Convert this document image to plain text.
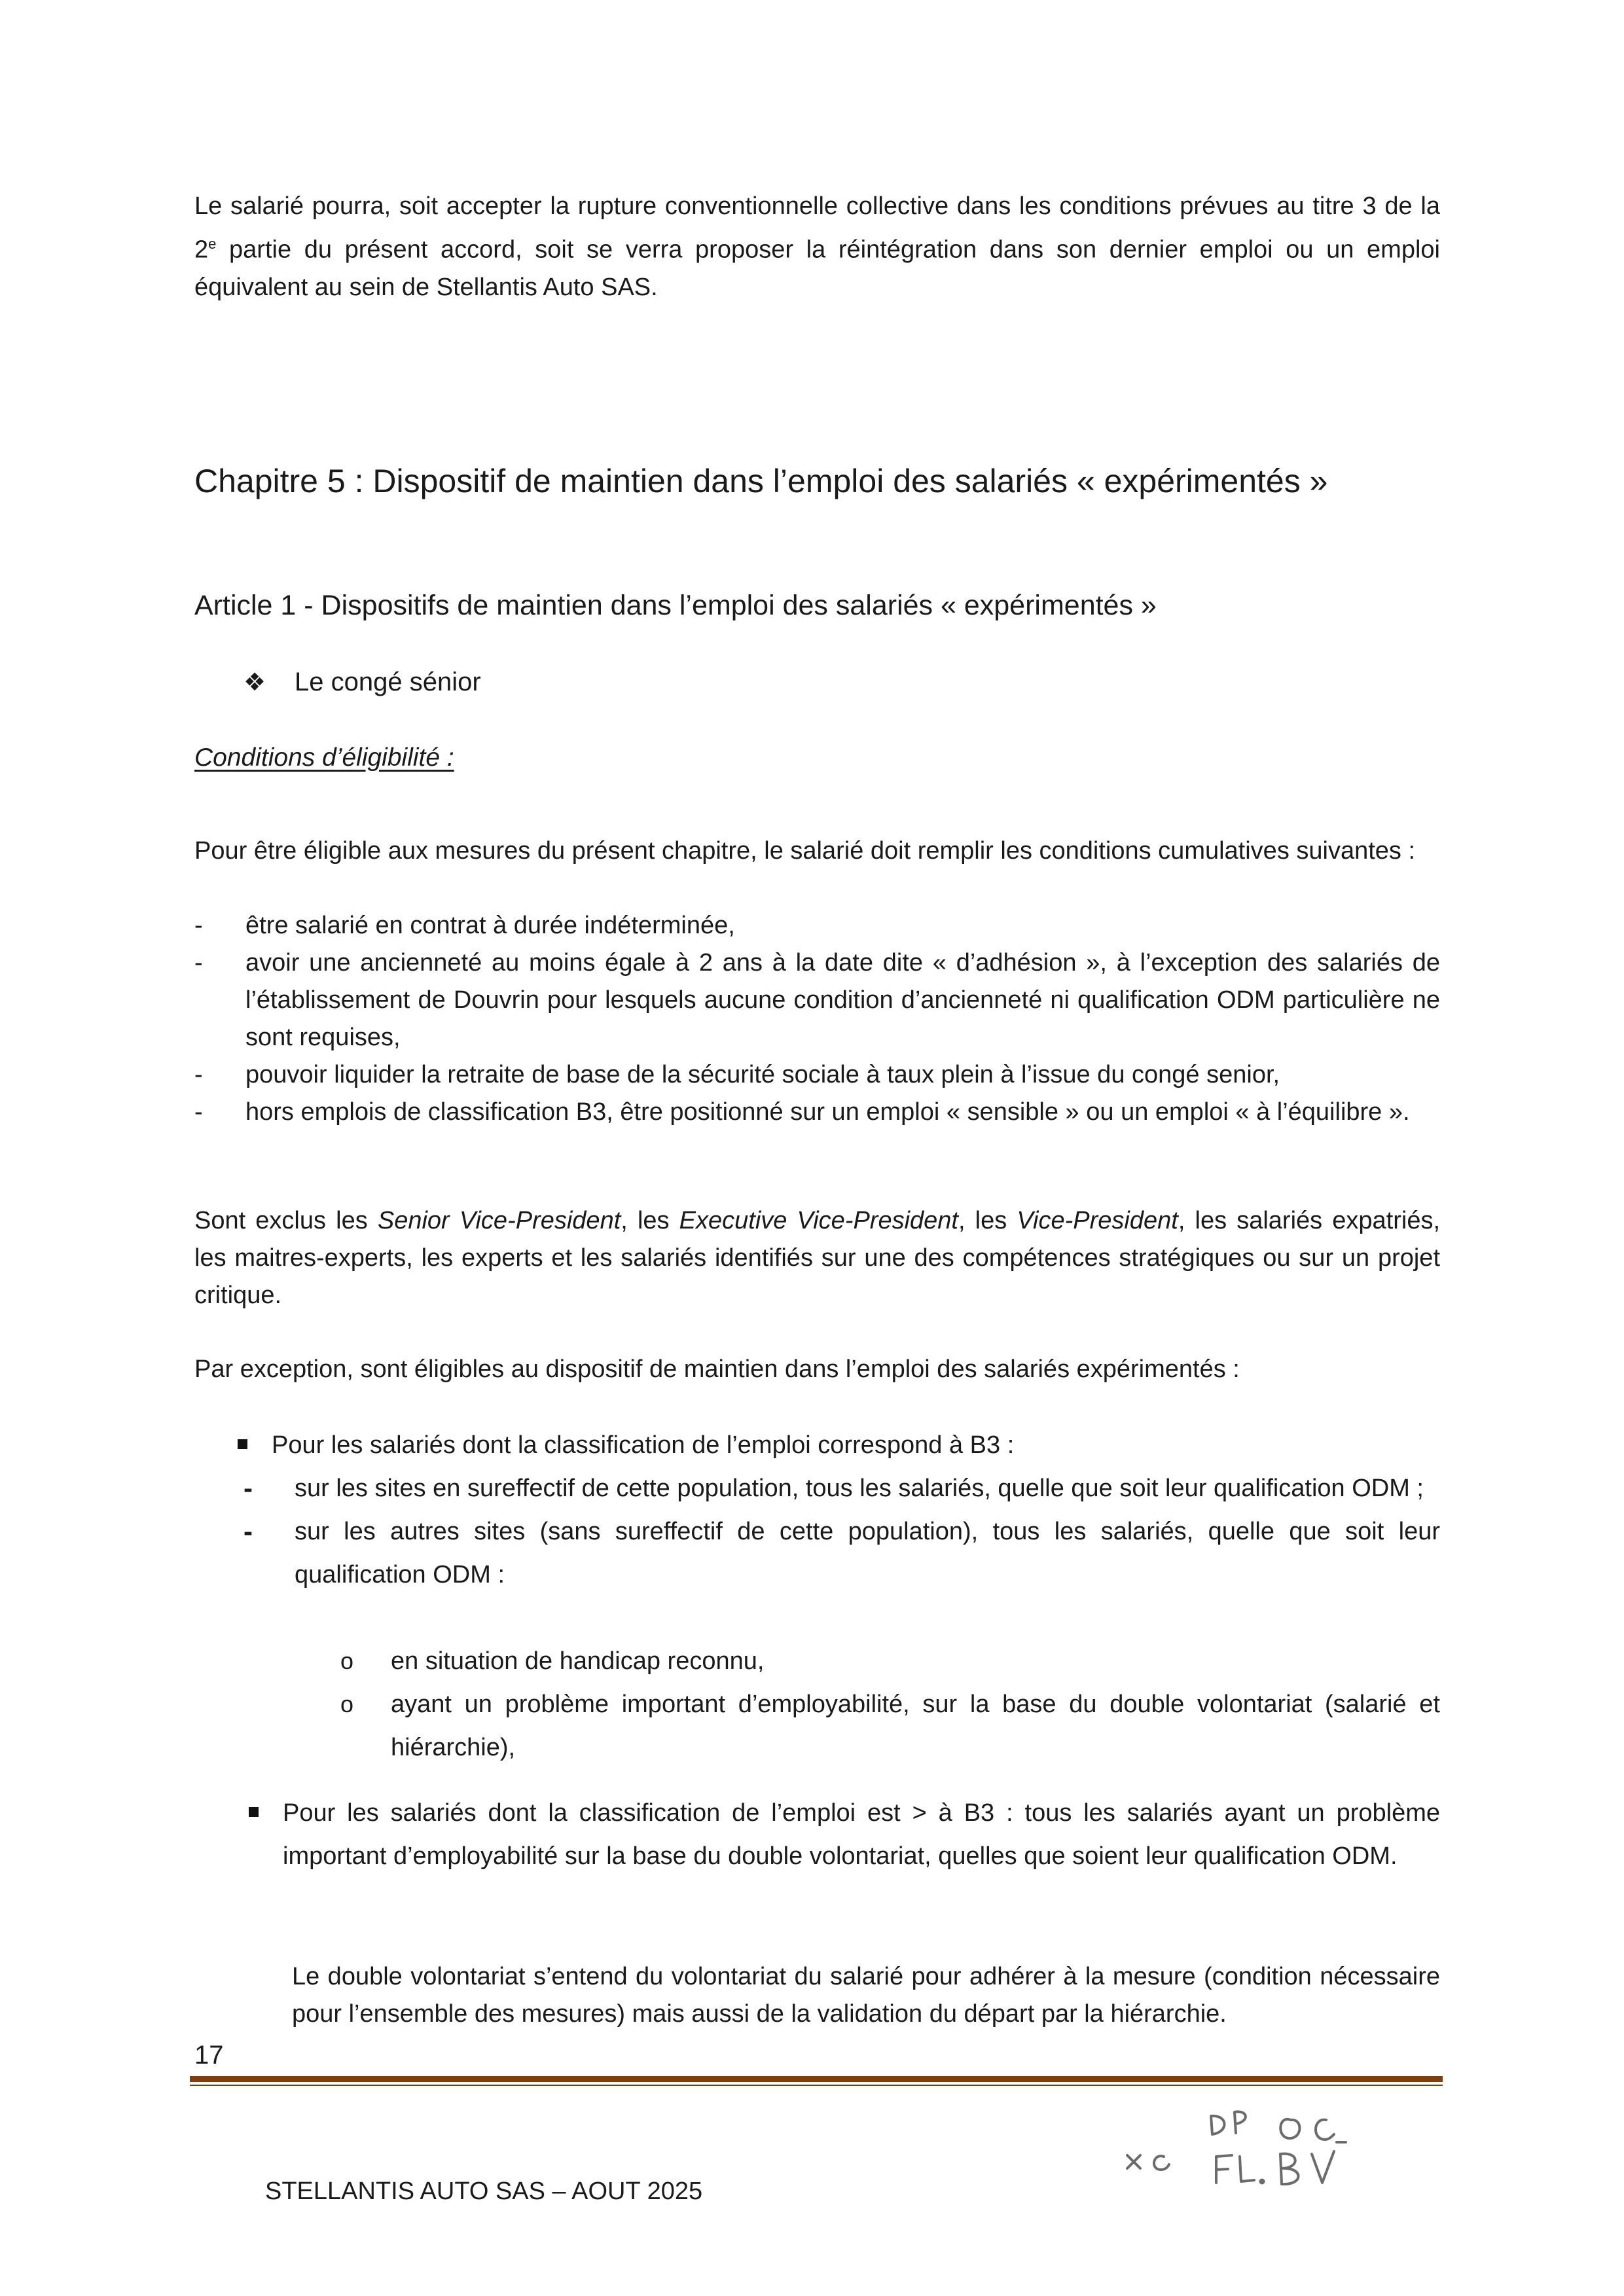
Le salarié pourra, soit accepter la rupture conventionnelle collective dans les conditions prévues au titre 3 de la 2e partie du présent accord, soit se verra proposer la réintégration dans son dernier emploi ou un emploi équivalent au sein de Stellantis Auto SAS.

Chapitre 5 : Dispositif de maintien dans l’emploi des salariés « expérimentés »
Article 1 - Dispositifs de maintien dans l’emploi des salariés « expérimentés »
❖ Le congé sénior
Conditions d’éligibilité :

Pour être éligible aux mesures du présent chapitre, le salarié doit remplir les conditions cumulatives suivantes :

- être salarié en contrat à durée indéterminée,
- avoir une ancienneté au moins égale à 2 ans à la date dite « d’adhésion », à l’exception des salariés de l’établissement de Douvrin pour lesquels aucune condition d’ancienneté ni qualification ODM particulière ne sont requises,
- pouvoir liquider la retraite de base de la sécurité sociale à taux plein à l’issue du congé senior,
- hors emplois de classification B3, être positionné sur un emploi « sensible » ou un emploi « à l’équilibre ».

Sont exclus les Senior Vice-President, les Executive Vice-President, les Vice-President, les salariés expatriés, les maitres-experts, les experts et les salariés identifiés sur une des compétences stratégiques ou sur un projet critique.

Par exception, sont éligibles au dispositif de maintien dans l’emploi des salariés expérimentés :

Pour les salariés dont la classification de l’emploi correspond à B3 :
- sur les sites en sureffectif de cette population, tous les salariés, quelle que soit leur qualification ODM ;
- sur les autres sites (sans sureffectif de cette population), tous les salariés, quelle que soit leur qualification ODM :
o en situation de handicap reconnu,
o ayant un problème important d’employabilité, sur la base du double volontariat (salarié et hiérarchie),
Pour les salariés dont la classification de l’emploi est > à B3 : tous les salariés ayant un problème important d’employabilité sur la base du double volontariat, quelles que soient leur qualification ODM.

Le double volontariat s’entend du volontariat du salarié pour adhérer à la mesure (condition nécessaire pour l’ensemble des mesures) mais aussi de la validation du départ par la hiérarchie.

17
STELLANTIS AUTO SAS – AOUT 2025
